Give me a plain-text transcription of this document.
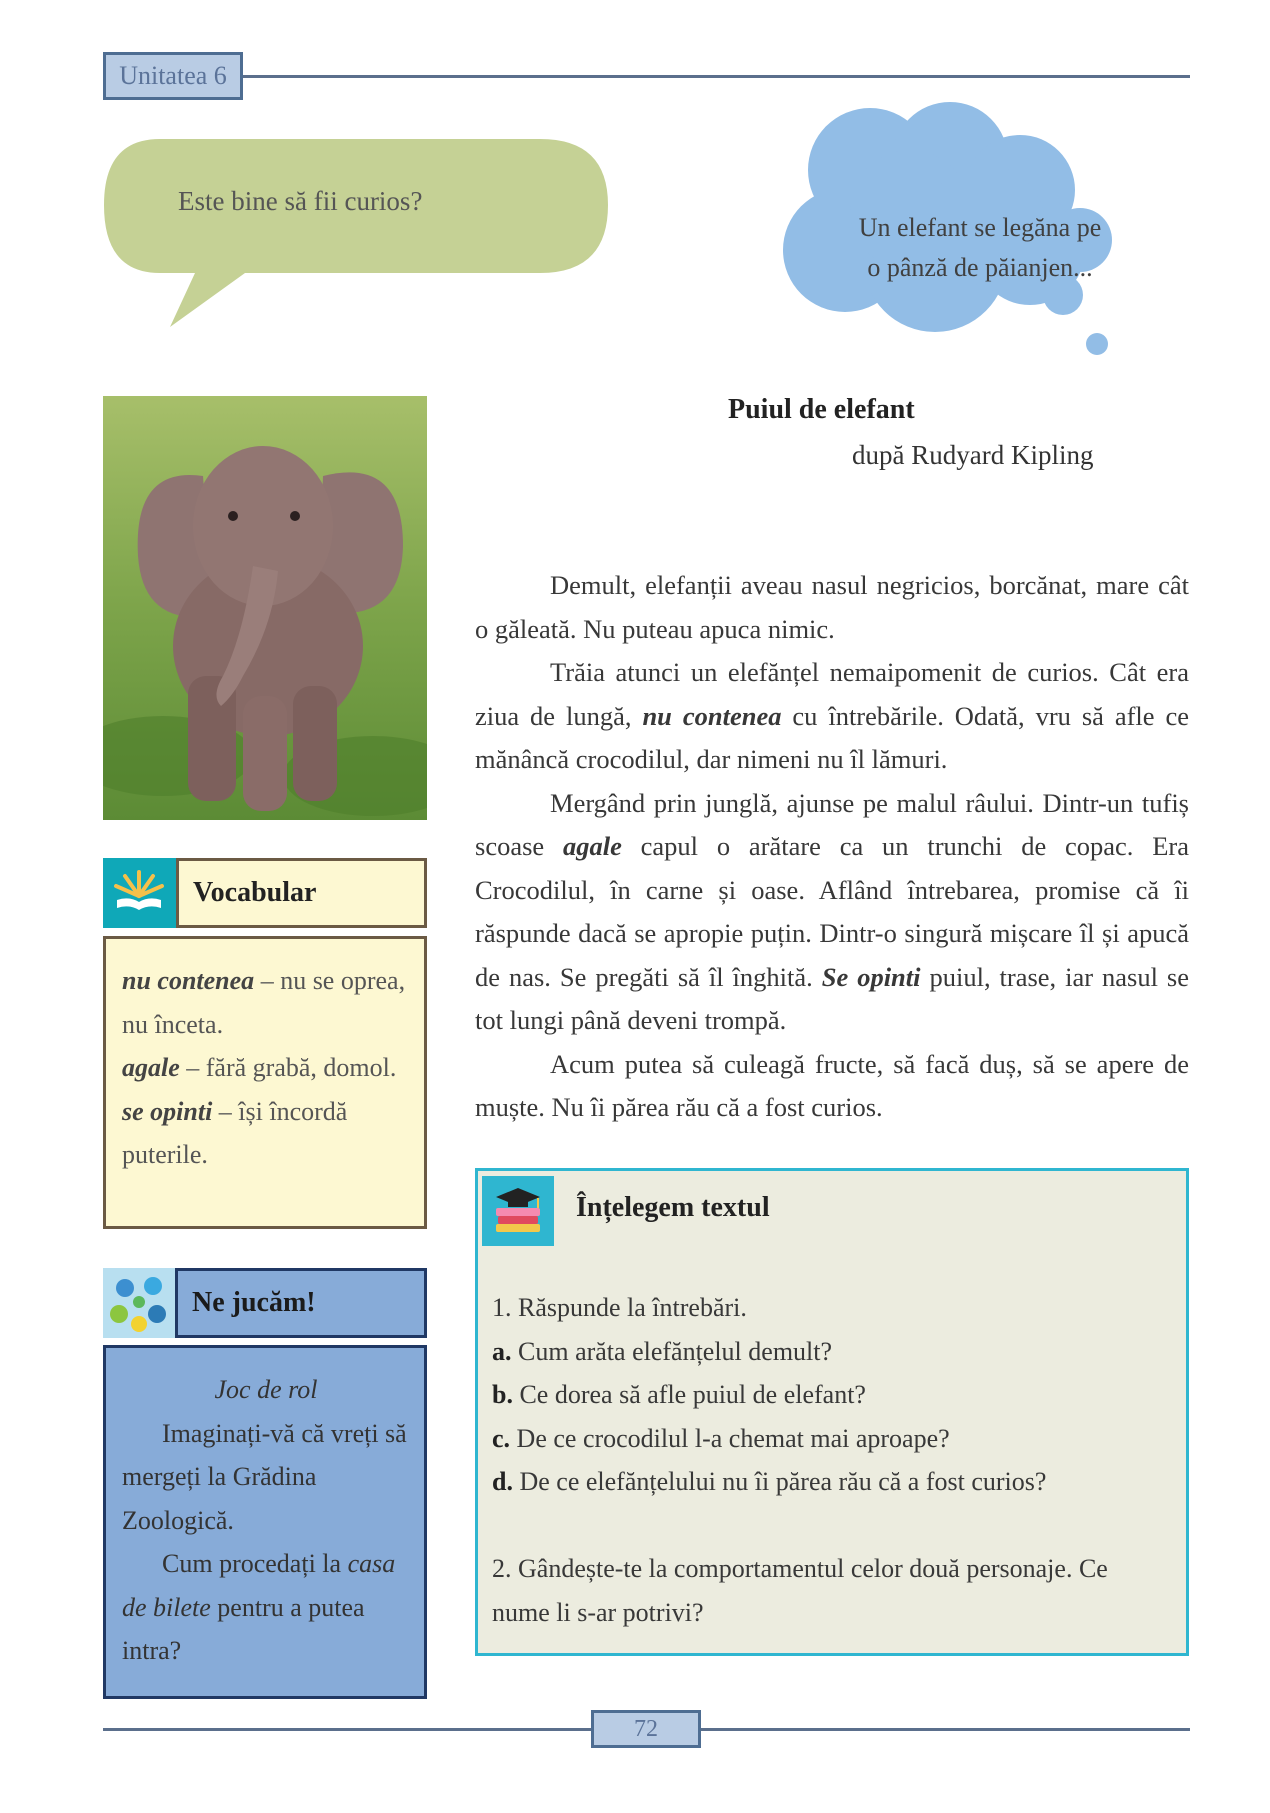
Unitatea 6
Este bine să fii curios?
Un elefant se legăna pe
o pânză de păianjen...
Puiul de elefant
după Rudyard Kipling

Demult, elefanții aveau nasul negricios, borcănat, mare cât o găleată. Nu puteau apuca nimic.

Trăia atunci un elefănțel nemaipomenit de curios. Cât era ziua de lungă, nu contenea cu întrebările. Odată, vru să afle ce mănâncă crocodilul, dar nimeni nu îl lămuri.

Mergând prin junglă, ajunse pe malul râului. Dintr-un tufiș scoase agale capul o arătare ca un trunchi de copac. Era Crocodilul, în carne și oase. Aflând întrebarea, promise că îi răspunde dacă se apropie puțin. Dintr-o singură mișcare îl și apucă de nas. Se pregăti să îl înghită. Se opinti puiul, trase, iar nasul se tot lungi până deveni trompă.

Acum putea să culeagă fructe, să facă duș, să se apere de muște. Nu îi părea rău că a fost curios.

Vocabular
nu contenea – nu se oprea, nu înceta.
agale – fără grabă, domol.
se opinti – își încordă puterile.
Ne jucăm!

Joc de rol

Imaginați-vă că vreți să mergeți la Grădina Zoologică.

Cum procedați la casa de bilete pentru a putea intra?

Înțelegem textul
1. Răspunde la întrebări.
a. Cum arăta elefănțelul demult?
b. Ce dorea să afle puiul de elefant?
c. De ce crocodilul l-a chemat mai aproape?
d. De ce elefănțelului nu îi părea rău că a fost curios?
2. Gândește-te la comportamentul celor două personaje. Ce
nume li s-ar potrivi?
72
